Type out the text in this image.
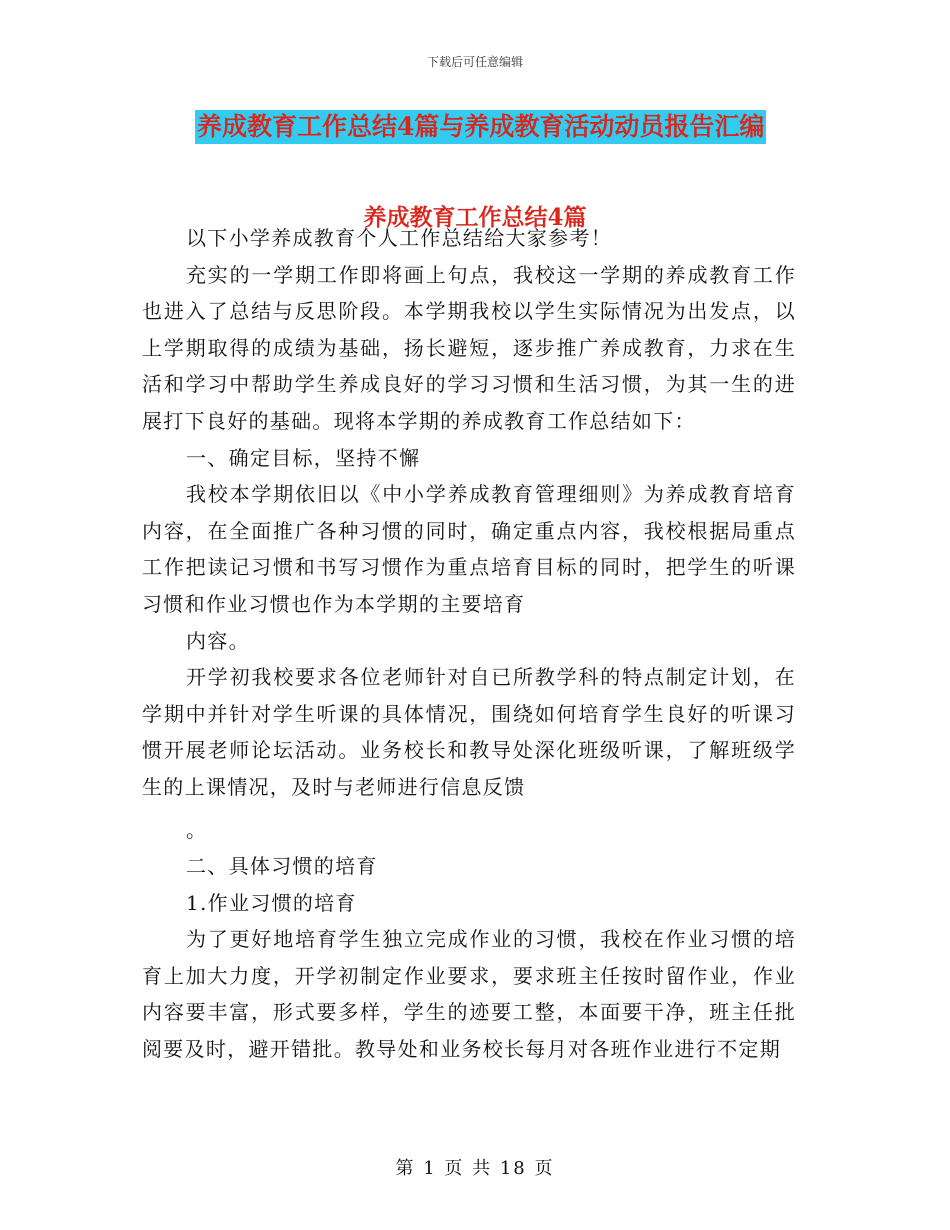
下载后可任意编辑
养成教育工作总结4篇与养成教育活动动员报告汇编
养成教育工作总结4篇

以下小学养成教育个人工作总结给大家参考！

充实的一学期工作即将画上句点，我校这一学期的养成教育工作也进入了总结与反思阶段。本学期我校以学生实际情况为出发点，以上学期取得的成绩为基础，扬长避短，逐步推广养成教育，力求在生活和学习中帮助学生养成良好的学习习惯和生活习惯，为其一生的进展打下良好的基础。现将本学期的养成教育工作总结如下：

一、确定目标，坚持不懈

我校本学期依旧以《中小学养成教育管理细则》为养成教育培育内容，在全面推广各种习惯的同时，确定重点内容，我校根据局重点工作把读记习惯和书写习惯作为重点培育目标的同时，把学生的听课习惯和作业习惯也作为本学期的主要培育

内容。

开学初我校要求各位老师针对自已所教学科的特点制定计划，在学期中并针对学生听课的具体情况，围绕如何培育学生良好的听课习惯开展老师论坛活动。业务校长和教导处深化班级听课，了解班级学生的上课情况，及时与老师进行信息反馈

。

二、具体习惯的培育

1.作业习惯的培育

为了更好地培育学生独立完成作业的习惯，我校在作业习惯的培育上加大力度，开学初制定作业要求，要求班主任按时留作业，作业内容要丰富，形式要多样，学生的迹要工整，本面要干净，班主任批阅要及时，避开错批。教导处和业务校长每月对各班作业进行不定期

第 1 页 共 18 页
